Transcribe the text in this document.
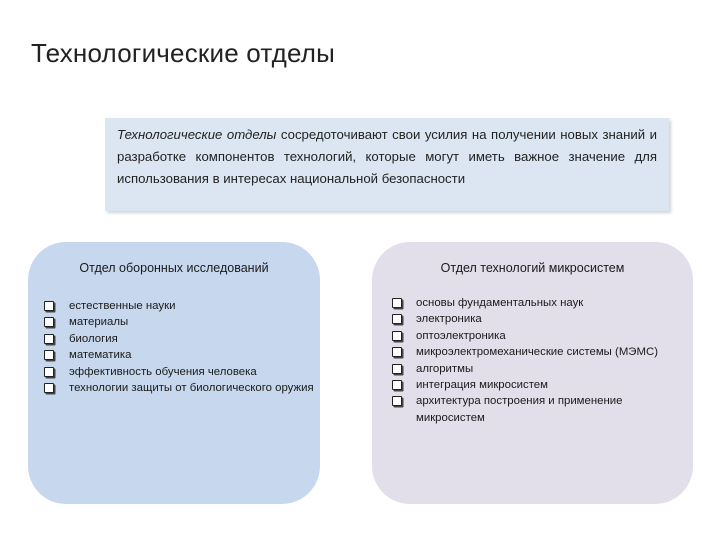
Технологические отделы
Технологические отделы сосредоточивают свои усилия на получении новых знаний и разработке компонентов технологий, которые могут иметь важное значение для использования в интересах национальной безопасности
Отдел оборонных исследований
естественные науки
материалы
биология
математика
эффективность обучения человека
технологии защиты от биологического оружия
Отдел технологий микросистем
основы фундаментальных наук
электроника
оптоэлектроника
микроэлектромеханические системы (МЭМС)
алгоритмы
интеграция микросистем
архитектура построения и применение микросистем
